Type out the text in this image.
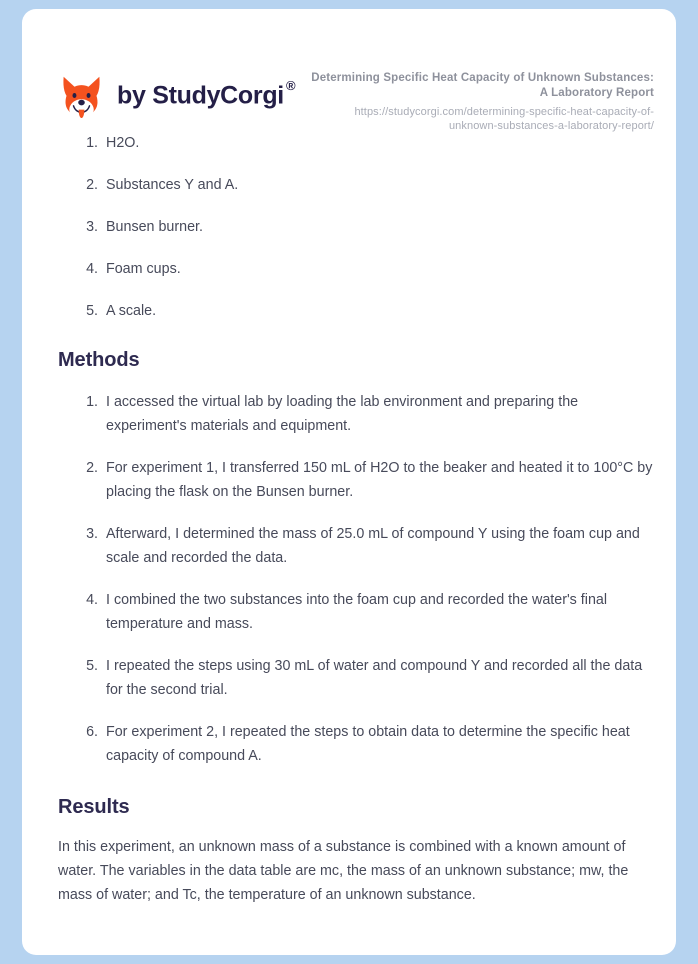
by StudyCorgi ® Determining Specific Heat Capacity of Unknown Substances: A Laboratory Report
https://studycorgi.com/determining-specific-heat-capacity-of-unknown-substances-a-laboratory-report/
1. H2O.
2. Substances Y and A.
3. Bunsen burner.
4. Foam cups.
5. A scale.
Methods
1. I accessed the virtual lab by loading the lab environment and preparing the experiment's materials and equipment.
2. For experiment 1, I transferred 150 mL of H2O to the beaker and heated it to 100°C by placing the flask on the Bunsen burner.
3. Afterward, I determined the mass of 25.0 mL of compound Y using the foam cup and scale and recorded the data.
4. I combined the two substances into the foam cup and recorded the water's final temperature and mass.
5. I repeated the steps using 30 mL of water and compound Y and recorded all the data for the second trial.
6. For experiment 2, I repeated the steps to obtain data to determine the specific heat capacity of compound A.
Results

In this experiment, an unknown mass of a substance is combined with a known amount of water. The variables in the data table are mc, the mass of an unknown substance; mw, the mass of water; and Tc, the temperature of an unknown substance.
